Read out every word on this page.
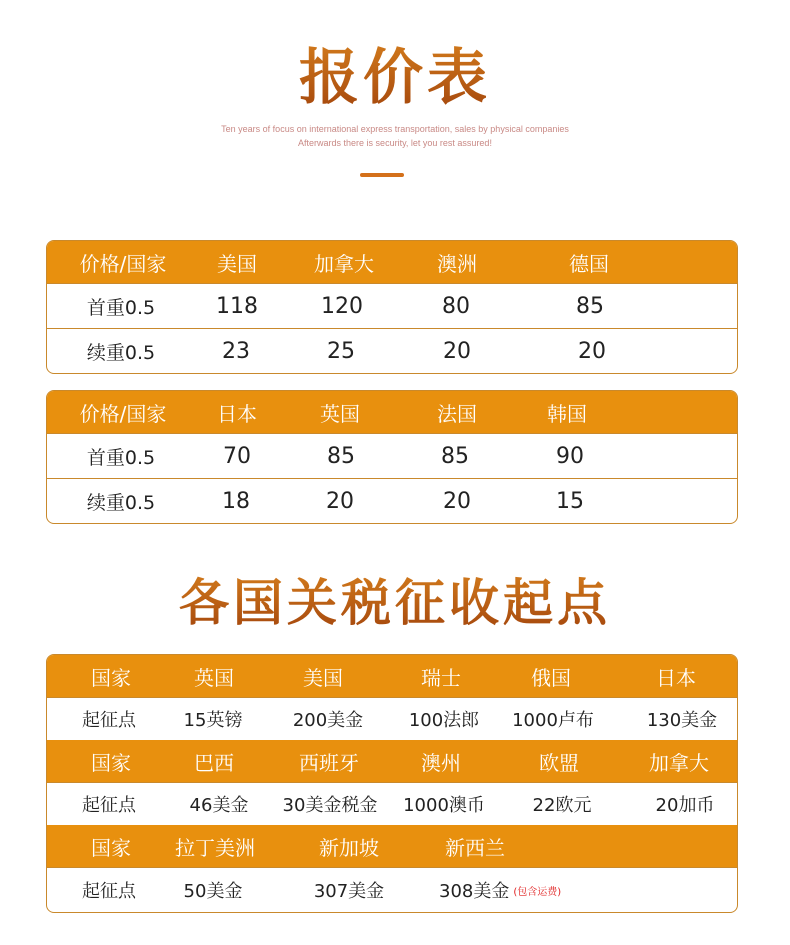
报价表
Ten years of focus on international express transportation, sales by physical companies
Afterwards there is security, let you rest assured!
价格/国家	美国	加拿大	澳洲	德国
首重0.5	118	120	80	85
续重0.5	23	25	20	20
价格/国家	日本	英国	法国	韩国
首重0.5	70	85	85	90
续重0.5	18	20	20	15
各国关税征收起点
国家	英国	美国	瑞士	俄国	日本
起征点	15英镑	200美金	100法郎 1000卢布	130美金
国家	巴西	西班牙	澳州	欧盟	加拿大
起征点	46美金 30美金税金 1000澳币	22欧元	20加币
国家 拉丁美洲	新加坡	新西兰
起征点	50美金	307美金	308美金 (包含运费)
